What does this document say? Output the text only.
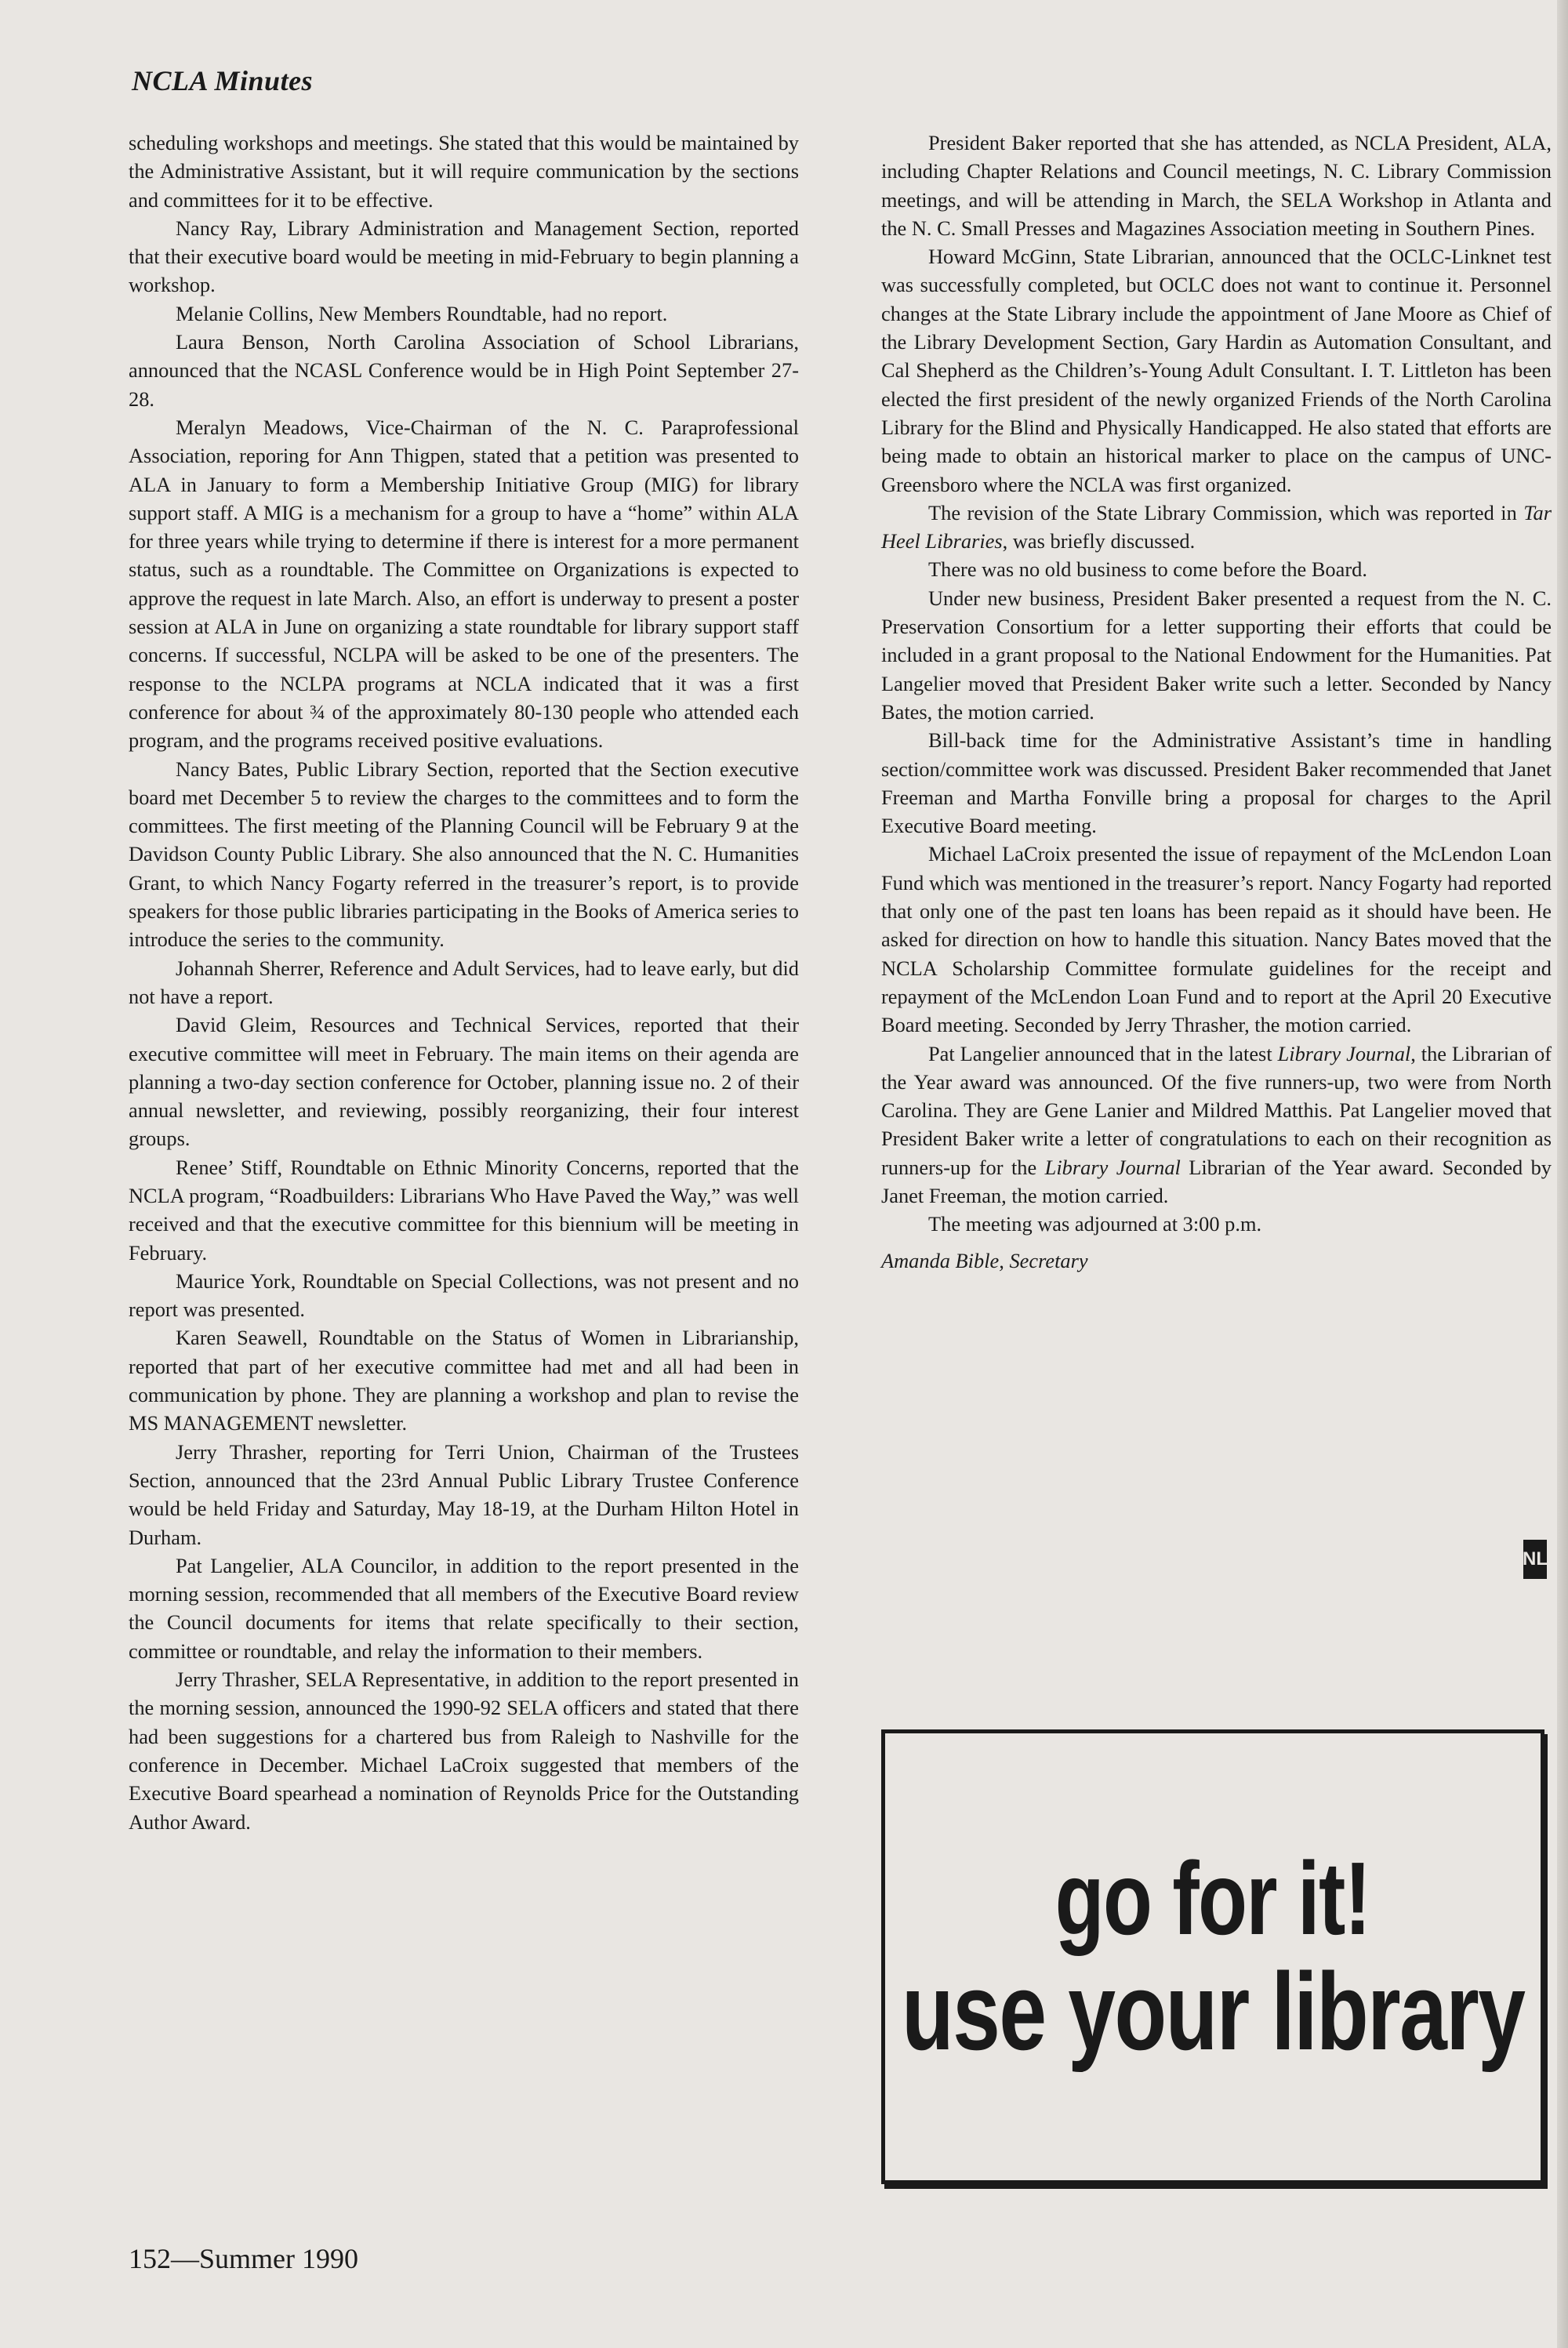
NCLA Minutes

scheduling workshops and meetings. She stated that this would be maintained by the Administrative Assistant, but it will require communication by the sections and committees for it to be effective.

Nancy Ray, Library Administration and Management Section, reported that their executive board would be meeting in mid-February to begin planning a workshop.

Melanie Collins, New Members Roundtable, had no report.

Laura Benson, North Carolina Association of School Librarians, announced that the NCASL Conference would be in High Point September 27-28.

Meralyn Meadows, Vice-Chairman of the N. C. Paraprofessional Association, reporing for Ann Thigpen, stated that a petition was presented to ALA in January to form a Membership Initiative Group (MIG) for library support staff. A MIG is a mechanism for a group to have a “home” within ALA for three years while trying to determine if there is interest for a more permanent status, such as a roundtable. The Committee on Organizations is expected to approve the request in late March. Also, an effort is underway to present a poster session at ALA in June on organizing a state roundtable for library support staff concerns. If successful, NCLPA will be asked to be one of the presenters. The response to the NCLPA programs at NCLA indicated that it was a first conference for about ¾ of the approximately 80-130 people who attended each program, and the programs received positive evaluations.

Nancy Bates, Public Library Section, reported that the Section executive board met December 5 to review the charges to the committees and to form the committees. The first meeting of the Planning Council will be February 9 at the Davidson County Public Library. She also announced that the N. C. Humanities Grant, to which Nancy Fogarty referred in the treasurer’s report, is to provide speakers for those public libraries participating in the Books of America series to introduce the series to the community.

Johannah Sherrer, Reference and Adult Services, had to leave early, but did not have a report.

David Gleim, Resources and Technical Services, reported that their executive committee will meet in February. The main items on their agenda are planning a two-day section conference for October, planning issue no. 2 of their annual newsletter, and reviewing, possibly reorganizing, their four interest groups.

Renee’ Stiff, Roundtable on Ethnic Minority Concerns, reported that the NCLA program, “Roadbuilders: Librarians Who Have Paved the Way,” was well received and that the executive committee for this biennium will be meeting in February.

Maurice York, Roundtable on Special Collections, was not present and no report was presented.

Karen Seawell, Roundtable on the Status of Women in Librarianship, reported that part of her executive committee had met and all had been in communication by phone. They are planning a workshop and plan to revise the MS MANAGEMENT newsletter.

Jerry Thrasher, reporting for Terri Union, Chairman of the Trustees Section, announced that the 23rd Annual Public Library Trustee Conference would be held Friday and Saturday, May 18-19, at the Durham Hilton Hotel in Durham.

Pat Langelier, ALA Councilor, in addition to the report presented in the morning session, recommended that all members of the Executive Board review the Council documents for items that relate specifically to their section, committee or roundtable, and relay the information to their members.

Jerry Thrasher, SELA Representative, in addition to the report presented in the morning session, announced the 1990-92 SELA officers and stated that there had been suggestions for a chartered bus from Raleigh to Nashville for the conference in December. Michael LaCroix suggested that members of the Executive Board spearhead a nomination of Reynolds Price for the Outstanding Author Award.

President Baker reported that she has attended, as NCLA President, ALA, including Chapter Relations and Council meetings, N. C. Library Commission meetings, and will be attending in March, the SELA Workshop in Atlanta and the N. C. Small Presses and Magazines Association meeting in Southern Pines.

Howard McGinn, State Librarian, announced that the OCLC-Linknet test was successfully completed, but OCLC does not want to continue it. Personnel changes at the State Library include the appointment of Jane Moore as Chief of the Library Development Section, Gary Hardin as Automation Consultant, and Cal Shepherd as the Children’s-Young Adult Consultant. I. T. Littleton has been elected the first president of the newly organized Friends of the North Carolina Library for the Blind and Physically Handicapped. He also stated that efforts are being made to obtain an historical marker to place on the campus of UNC-Greensboro where the NCLA was first organized.

The revision of the State Library Commission, which was reported in Tar Heel Libraries, was briefly discussed.

There was no old business to come before the Board.

Under new business, President Baker presented a request from the N. C. Preservation Consortium for a letter supporting their efforts that could be included in a grant proposal to the National Endowment for the Humanities. Pat Langelier moved that President Baker write such a letter. Seconded by Nancy Bates, the motion carried.

Bill-back time for the Administrative Assistant’s time in handling section/committee work was discussed. President Baker recommended that Janet Freeman and Martha Fonville bring a proposal for charges to the April Executive Board meeting.

Michael LaCroix presented the issue of repayment of the McLendon Loan Fund which was mentioned in the treasurer’s report. Nancy Fogarty had reported that only one of the past ten loans has been repaid as it should have been. He asked for direction on how to handle this situation. Nancy Bates moved that the NCLA Scholarship Committee formulate guidelines for the receipt and repayment of the McLendon Loan Fund and to report at the April 20 Executive Board meeting. Seconded by Jerry Thrasher, the motion carried.

Pat Langelier announced that in the latest Library Journal, the Librarian of the Year award was announced. Of the five runners-up, two were from North Carolina. They are Gene Lanier and Mildred Matthis. Pat Langelier moved that President Baker write a letter of congratulations to each on their recognition as runners-up for the Library Journal Librarian of the Year award. Seconded by Janet Freeman, the motion carried.

The meeting was adjourned at 3:00 p.m.

Amanda Bible, Secretary

NL
go for it!
use your library
152—Summer 1990
